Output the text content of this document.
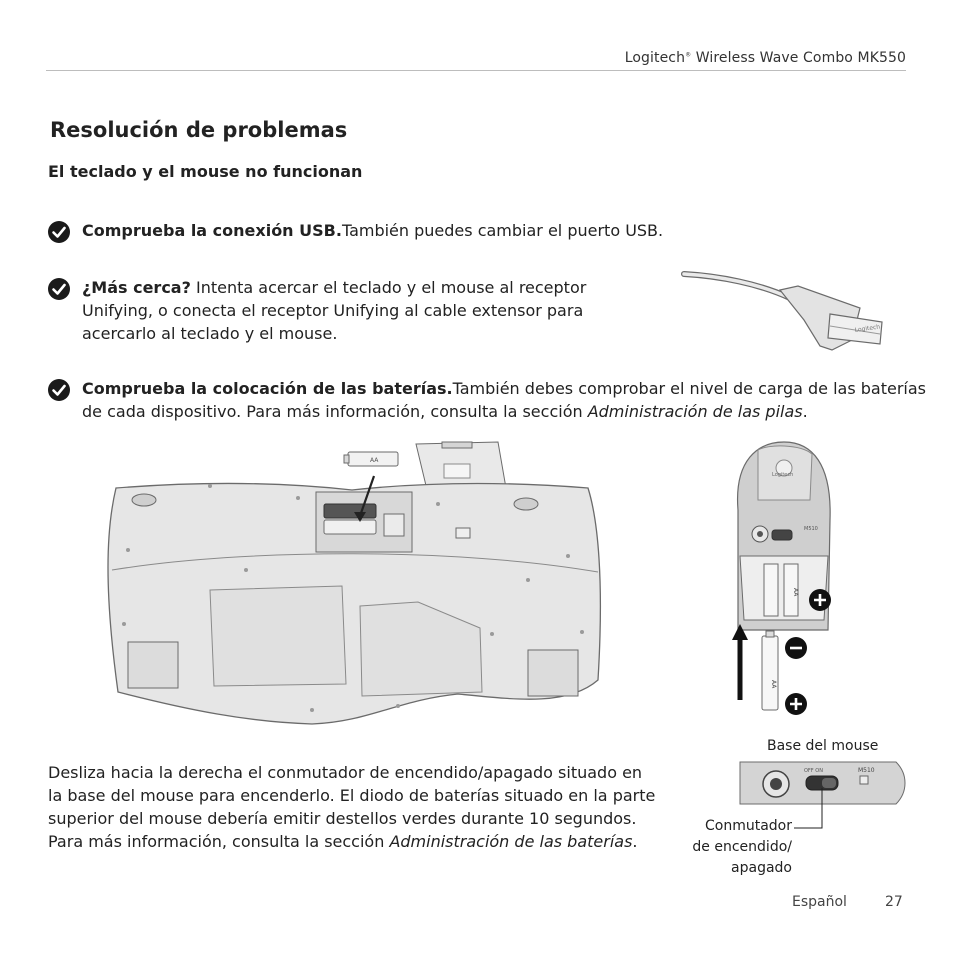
Logitech® Wireless Wave Combo MK550
Resolución de problemas
El teclado y el mouse no funcionan
Comprueba la conexión USB.También puedes cambiar el puerto USB.
¿Más cerca? Intenta acercar el teclado y el mouse al receptor Unifying, o conecta el receptor Unifying al cable extensor para acercarlo al teclado y el mouse.
Comprueba la colocación de las baterías.También debes comprobar el nivel de carga de las baterías de cada dispositivo. Para más información, consulta la sección Administración de las pilas.
Logitech
AA
Logitech
M510
AA
AA
Base del mouse
OFF ON	M510
Conmutador
de encendido/
apagado
Desliza hacia la derecha el conmutador de encendido/apagado situado en la base del mouse para encenderlo. El diodo de baterías situado en la parte superior del mouse debería emitir destellos verdes durante 10 segundos. Para más información, consulta la sección Administración de las baterías.
Español	27
